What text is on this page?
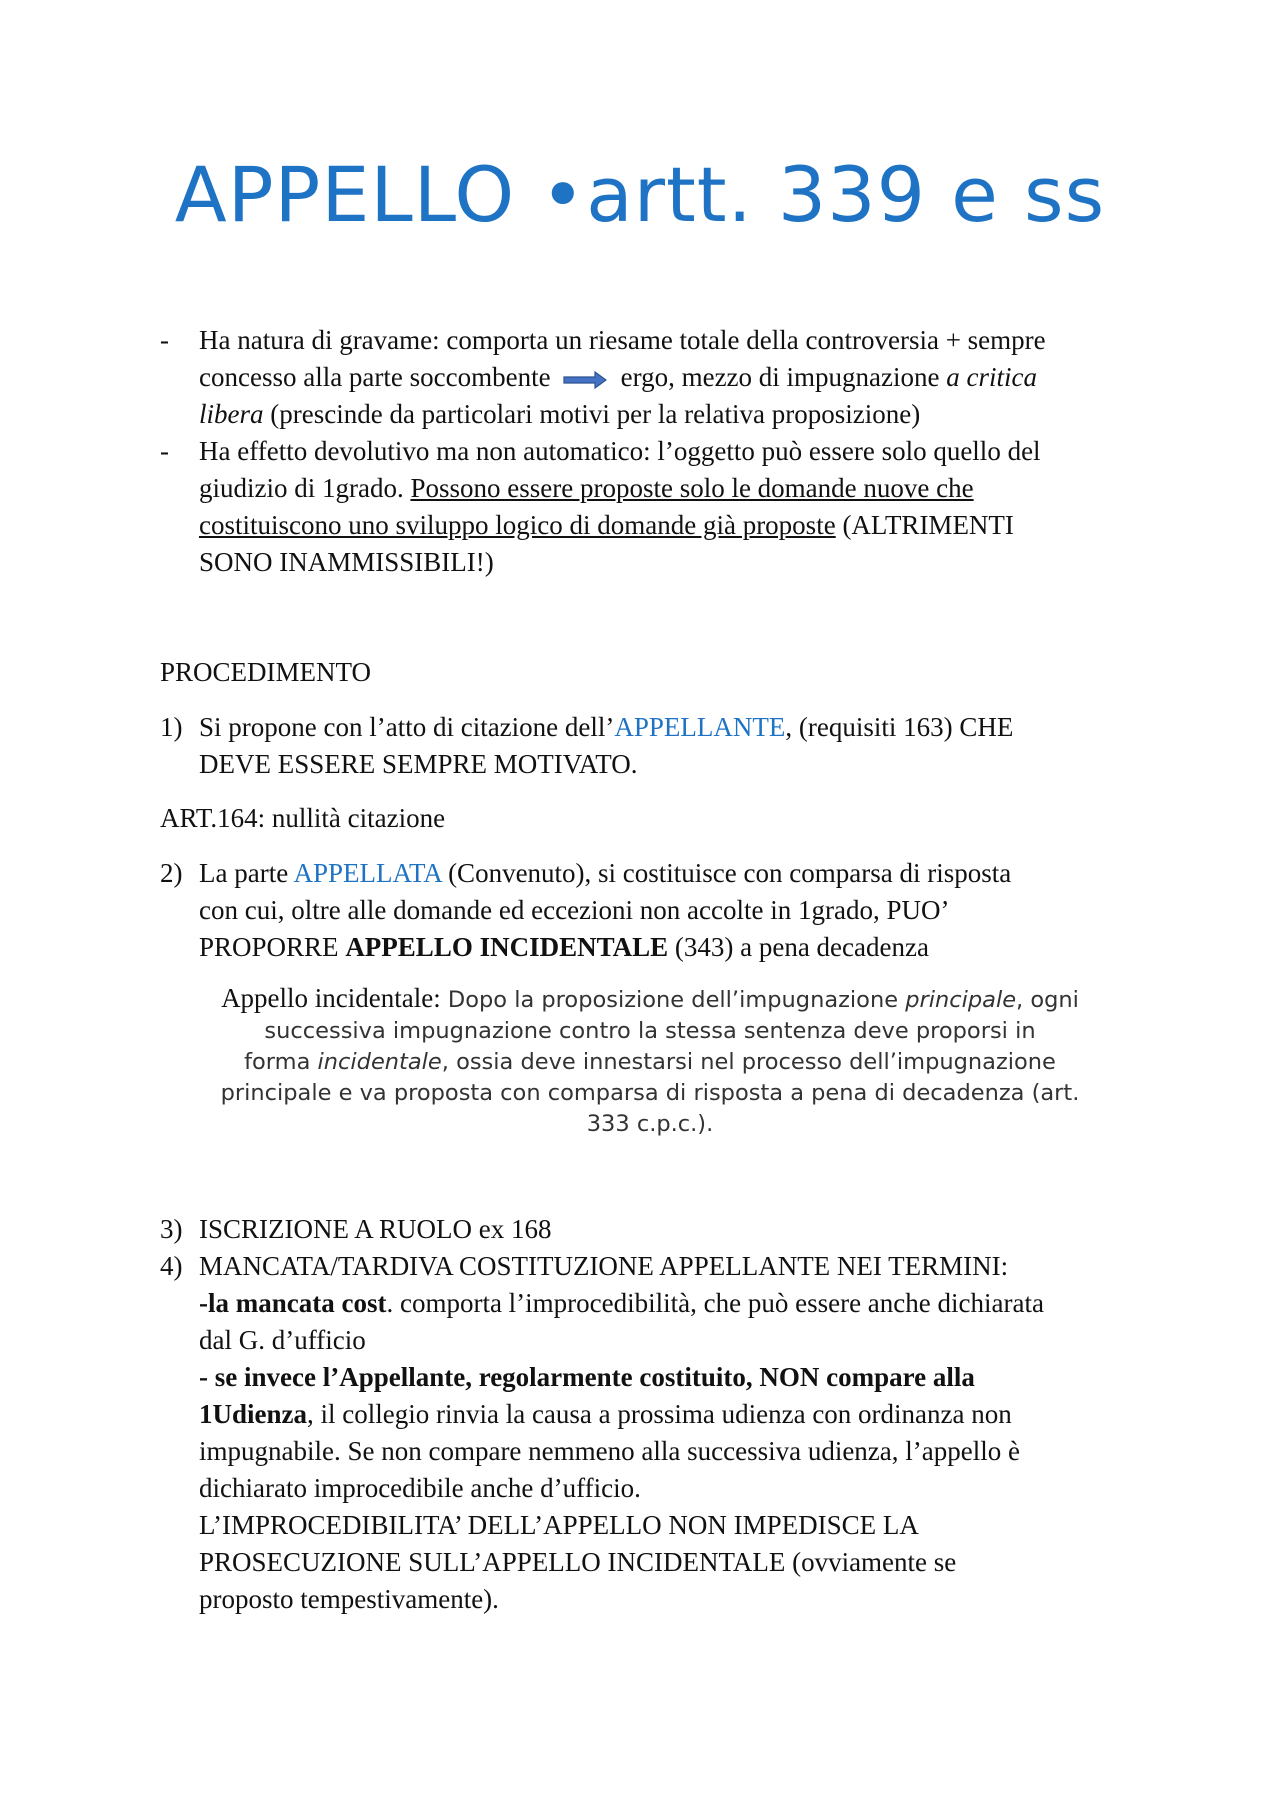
APPELLO •artt. 339 e ss
- Ha natura di gravame: comporta un riesame totale della controversia + sempre
concesso alla parte soccombente	ergo, mezzo di impugnazione a critica
libera (prescinde da particolari motivi per la relativa proposizione)
- Ha effetto devolutivo ma non automatico: l’oggetto può essere solo quello del
giudizio di 1grado. Possono essere proposte solo le domande nuove che
costituiscono uno sviluppo logico di domande già proposte (ALTRIMENTI
SONO INAMMISSIBILI!)
PROCEDIMENTO
1) Si propone con l’atto di citazione dell’APPELLANTE, (requisiti 163) CHE
DEVE ESSERE SEMPRE MOTIVATO.
ART.164: nullità citazione
2) La parte APPELLATA (Convenuto), si costituisce con comparsa di risposta
con cui, oltre alle domande ed eccezioni non accolte in 1grado, PUO’
PROPORRE APPELLO INCIDENTALE (343) a pena decadenza
Appello incidentale: Dopo la proposizione dell’impugnazione principale, ogni
successiva impugnazione contro la stessa sentenza deve proporsi in
forma incidentale, ossia deve innestarsi nel processo dell’impugnazione
principale e va proposta con comparsa di risposta a pena di decadenza (art.
333 c.p.c.).
3) ISCRIZIONE A RUOLO ex 168
4) MANCATA/TARDIVA COSTITUZIONE APPELLANTE NEI TERMINI:
-la mancata cost. comporta l’improcedibilità, che può essere anche dichiarata
dal G. d’ufficio
- se invece l’Appellante, regolarmente costituito, NON compare alla
1Udienza, il collegio rinvia la causa a prossima udienza con ordinanza non
impugnabile. Se non compare nemmeno alla successiva udienza, l’appello è
dichiarato improcedibile anche d’ufficio.
L’IMPROCEDIBILITA’ DELL’APPELLO NON IMPEDISCE LA
PROSECUZIONE SULL’APPELLO INCIDENTALE (ovviamente se
proposto tempestivamente).
